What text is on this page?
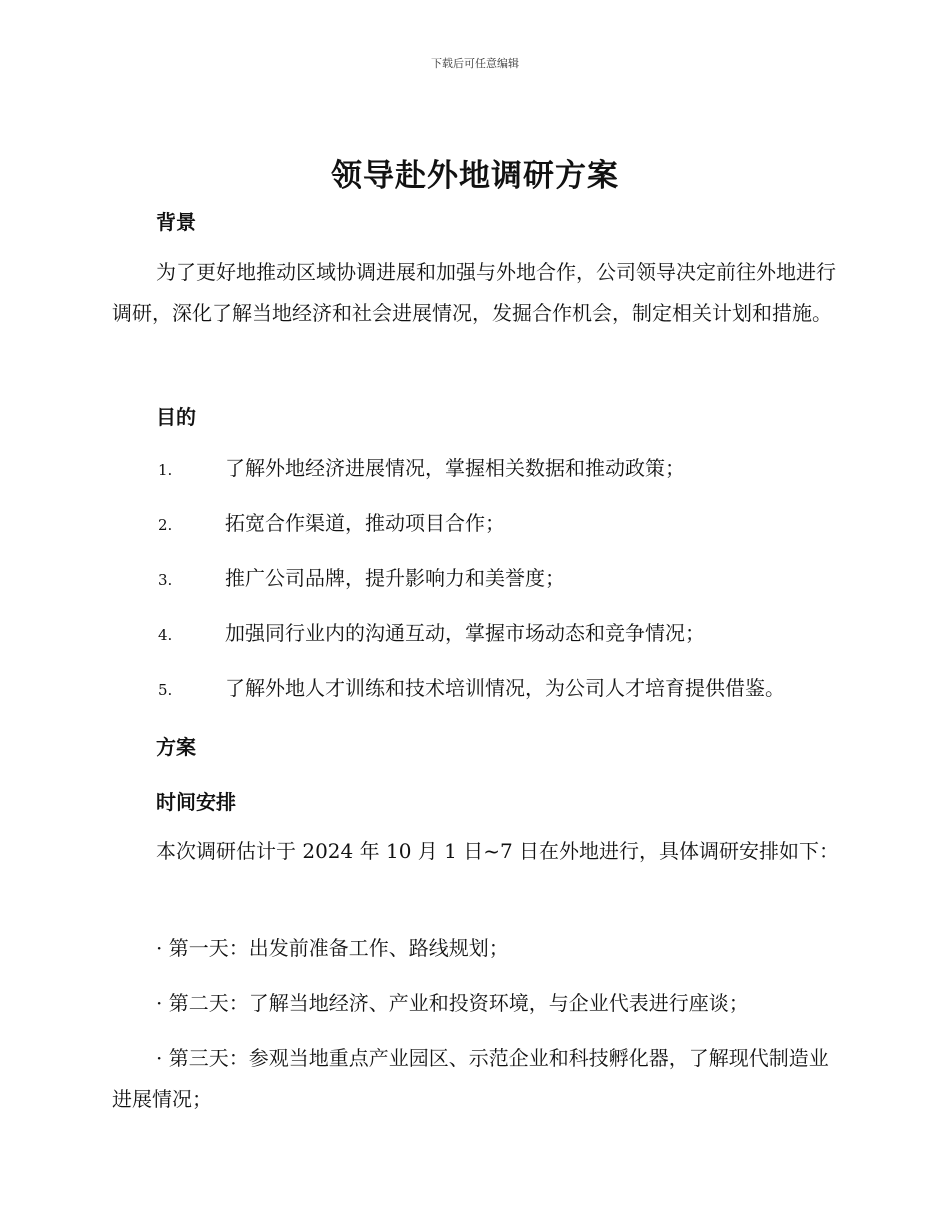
下载后可任意编辑
领导赴外地调研方案
背景

为了更好地推动区域协调进展和加强与外地合作，公司领导决定前往外地进行调研，深化了解当地经济和社会进展情况，发掘合作机会，制定相关计划和措施。

目的
1.	了解外地经济进展情况，掌握相关数据和推动政策；
2.	拓宽合作渠道，推动项目合作；
3.	推广公司品牌，提升影响力和美誉度；
4.	加强同行业内的沟通互动，掌握市场动态和竞争情况；
5.	了解外地人才训练和技术培训情况，为公司人才培育提供借鉴。
方案
时间安排

本次调研估计于 2024 年 10 月 1 日~7 日在外地进行，具体调研安排如下：

· 第一天：出发前准备工作、路线规划；
· 第二天：了解当地经济、产业和投资环境，与企业代表进行座谈；

· 第三天：参观当地重点产业园区、示范企业和科技孵化器，了解现代制造业进展情况；
